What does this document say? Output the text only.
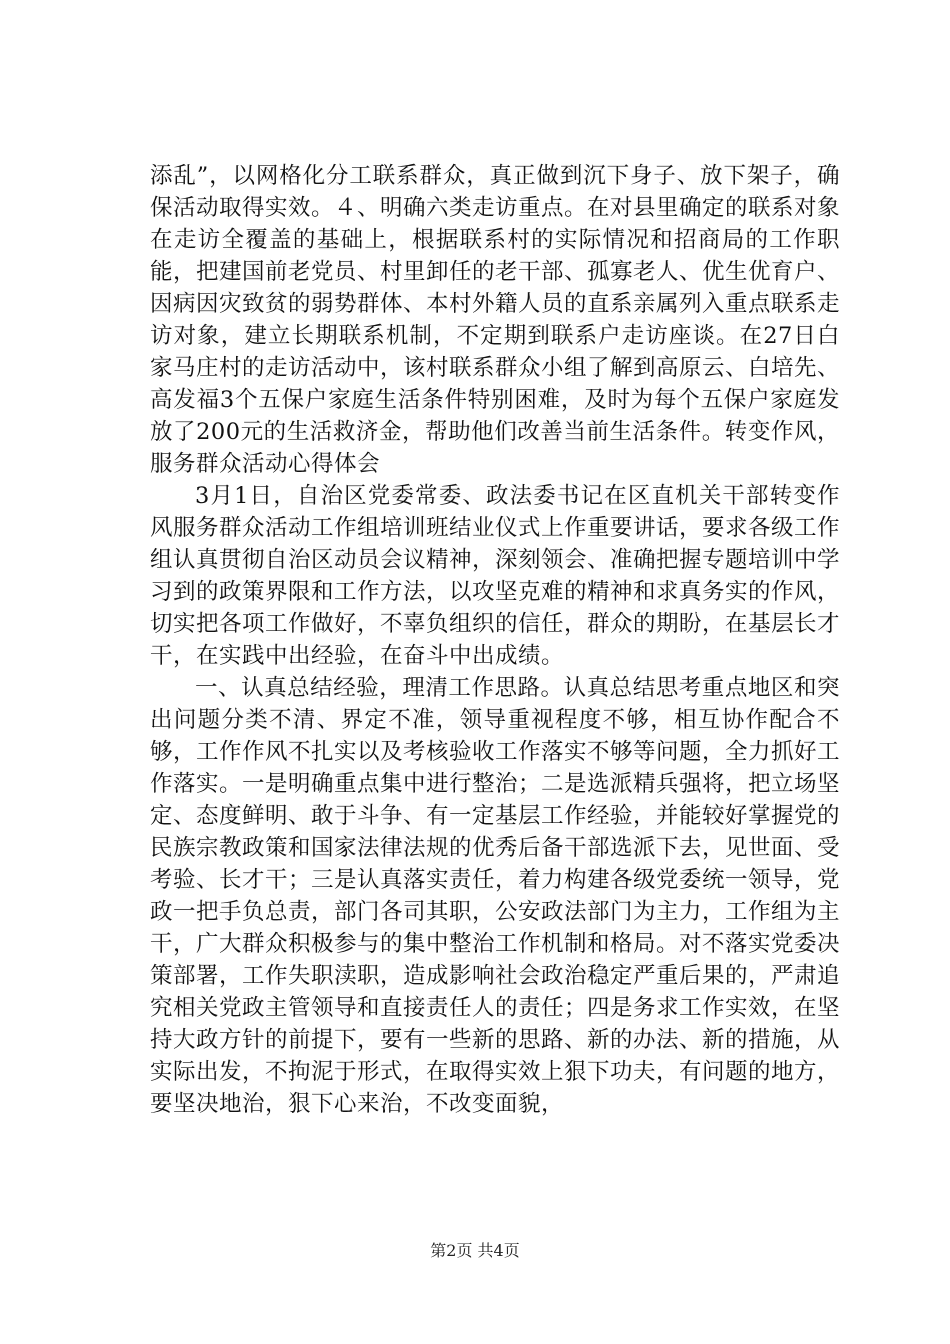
添乱”，以网格化分工联系群众，真正做到沉下身子、放下架子，确保活动取得实效。４、明确六类走访重点。在对县里确定的联系对象在走访全覆盖的基础上，根据联系村的实际情况和招商局的工作职能，把建国前老党员、村里卸任的老干部、孤寡老人、优生优育户、因病因灾致贫的弱势群体、本村外籍人员的直系亲属列入重点联系走访对象，建立长期联系机制，不定期到联系户走访座谈。在27日白家马庄村的走访活动中，该村联系群众小组了解到高原云、白培先、高发福3个五保户家庭生活条件特别困难，及时为每个五保户家庭发放了200元的生活救济金，帮助他们改善当前生活条件。转变作风，服务群众活动心得体会

3月1日，自治区党委常委、政法委书记在区直机关干部转变作风服务群众活动工作组培训班结业仪式上作重要讲话，要求各级工作组认真贯彻自治区动员会议精神，深刻领会、准确把握专题培训中学习到的政策界限和工作方法，以攻坚克难的精神和求真务实的作风，切实把各项工作做好，不辜负组织的信任，群众的期盼，在基层长才干，在实践中出经验，在奋斗中出成绩。

一、认真总结经验，理清工作思路。认真总结思考重点地区和突出问题分类不清、界定不准，领导重视程度不够，相互协作配合不够，工作作风不扎实以及考核验收工作落实不够等问题，全力抓好工作落实。一是明确重点集中进行整治；二是选派精兵强将，把立场坚定、态度鲜明、敢于斗争、有一定基层工作经验，并能较好掌握党的民族宗教政策和国家法律法规的优秀后备干部选派下去，见世面、受考验、长才干；三是认真落实责任，着力构建各级党委统一领导，党政一把手负总责，部门各司其职，公安政法部门为主力，工作组为主干，广大群众积极参与的集中整治工作机制和格局。对不落实党委决策部署，工作失职渎职，造成影响社会政治稳定严重后果的，严肃追究相关党政主管领导和直接责任人的责任；四是务求工作实效，在坚持大政方针的前提下，要有一些新的思路、新的办法、新的措施，从实际出发，不拘泥于形式，在取得实效上狠下功夫，有问题的地方，要坚决地治，狠下心来治，不改变面貌，

第2页 共4页
